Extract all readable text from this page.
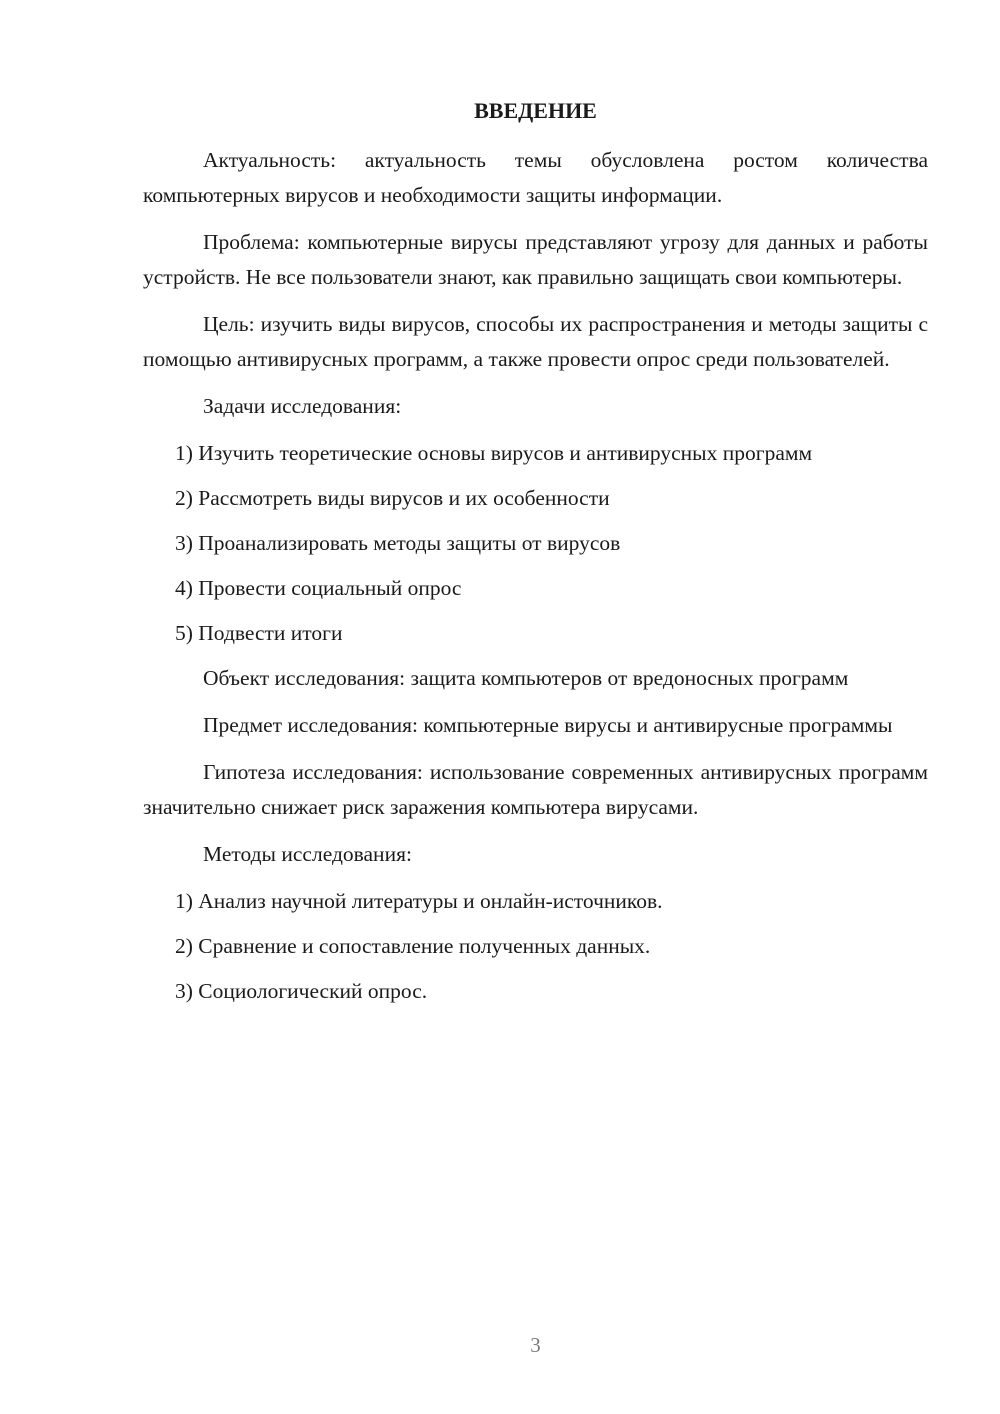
ВВЕДЕНИЕ

Актуальность: актуальность темы обусловлена ростом количества компьютерных вирусов и необходимости защиты информации.

Проблема: компьютерные вирусы представляют угрозу для данных и работы устройств. Не все пользователи знают, как правильно защищать свои компьютеры.

Цель: изучить виды вирусов, способы их распространения и методы защиты с помощью антивирусных программ, а также провести опрос среди пользователей.

Задачи исследования:

1) Изучить теоретические основы вирусов и антивирусных программ
2) Рассмотреть виды вирусов и их особенности
3) Проанализировать методы защиты от вирусов
4) Провести социальный опрос
5) Подвести итоги

Объект исследования: защита компьютеров от вредоносных программ

Предмет исследования: компьютерные вирусы и антивирусные программы

Гипотеза исследования: использование современных антивирусных программ значительно снижает риск заражения компьютера вирусами.

Методы исследования:

1) Анализ научной литературы и онлайн-источников.
2) Сравнение и сопоставление полученных данных.
3) Социологический опрос.

3
